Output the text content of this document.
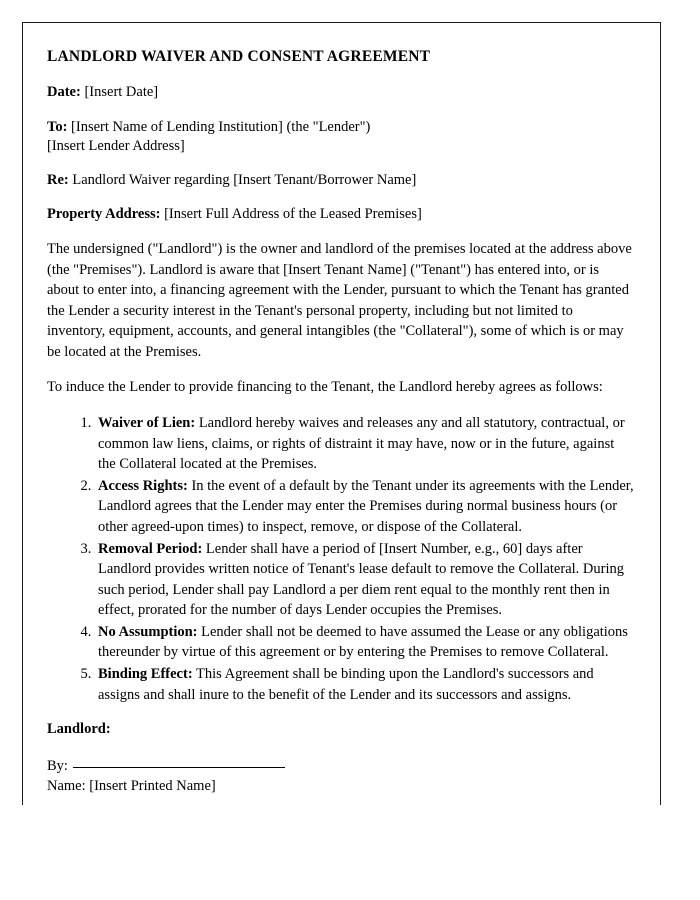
LANDLORD WAIVER AND CONSENT AGREEMENT
Date: [Insert Date]
To: [Insert Name of Lending Institution] (the "Lender")
[Insert Lender Address]
Re: Landlord Waiver regarding [Insert Tenant/Borrower Name]
Property Address: [Insert Full Address of the Leased Premises]

The undersigned ("Landlord") is the owner and landlord of the premises located at the address above (the "Premises"). Landlord is aware that [Insert Tenant Name] ("Tenant") has entered into, or is about to enter into, a financing agreement with the Lender, pursuant to which the Tenant has granted the Lender a security interest in the Tenant's personal property, including but not limited to inventory, equipment, accounts, and general intangibles (the "Collateral"), some of which is or may be located at the Premises.

To induce the Lender to provide financing to the Tenant, the Landlord hereby agrees as follows:

1. Waiver of Lien: Landlord hereby waives and releases any and all statutory, contractual, or common law liens, claims, or rights of distraint it may have, now or in the future, against the Collateral located at the Premises.
2. Access Rights: In the event of a default by the Tenant under its agreements with the Lender, Landlord agrees that the Lender may enter the Premises during normal business hours (or other agreed-upon times) to inspect, remove, or dispose of the Collateral.
3. Removal Period: Lender shall have a period of [Insert Number, e.g., 60] days after Landlord provides written notice of Tenant's lease default to remove the Collateral. During such period, Lender shall pay Landlord a per diem rent equal to the monthly rent then in effect, prorated for the number of days Lender occupies the Premises.
4. No Assumption: Lender shall not be deemed to have assumed the Lease or any obligations thereunder by virtue of this agreement or by entering the Premises to remove Collateral.
5. Binding Effect: This Agreement shall be binding upon the Landlord's successors and assigns and shall inure to the benefit of the Lender and its successors and assigns.
Landlord:
By:
Name: [Insert Printed Name]
